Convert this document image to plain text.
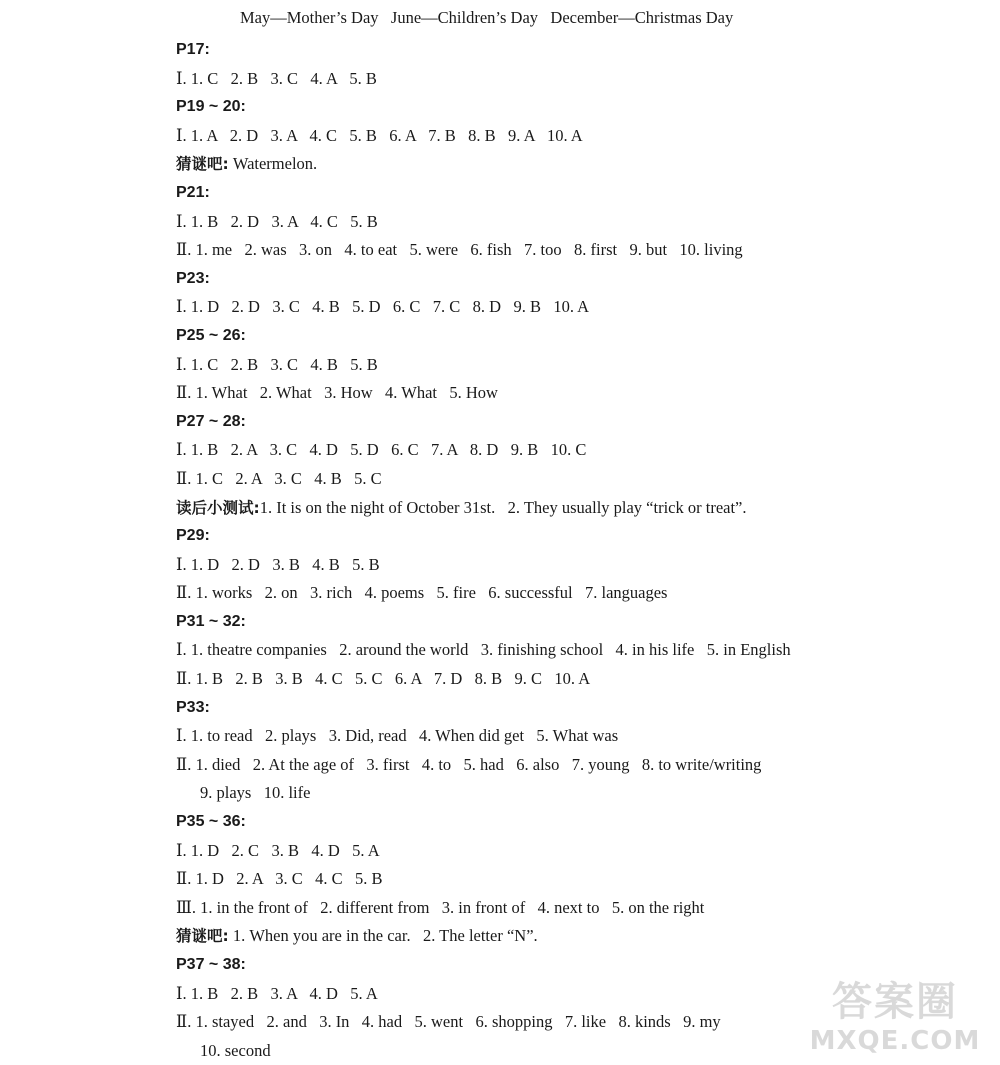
May—Mother’s Day   June—Children’s Day   December—Christmas Day
P17:
Ⅰ. 1. C   2. B   3. C   4. A   5. B
P19 ~ 20:
Ⅰ. 1. A   2. D   3. A   4. C   5. B   6. A   7. B   8. B   9. A   10. A
猜谜吧: Watermelon.
P21:
Ⅰ. 1. B   2. D   3. A   4. C   5. B
Ⅱ. 1. me   2. was   3. on   4. to eat   5. were   6. fish   7. too   8. first   9. but   10. living
P23:
Ⅰ. 1. D   2. D   3. C   4. B   5. D   6. C   7. C   8. D   9. B   10. A
P25 ~ 26:
Ⅰ. 1. C   2. B   3. C   4. B   5. B
Ⅱ. 1. What   2. What   3. How   4. What   5. How
P27 ~ 28:
Ⅰ. 1. B   2. A   3. C   4. D   5. D   6. C   7. A   8. D   9. B   10. C
Ⅱ. 1. C   2. A   3. C   4. B   5. C
读后小测试:1. It is on the night of October 31st.   2. They usually play “trick or treat”.
P29:
Ⅰ. 1. D   2. D   3. B   4. B   5. B
Ⅱ. 1. works   2. on   3. rich   4. poems   5. fire   6. successful   7. languages
P31 ~ 32:
Ⅰ. 1. theatre companies   2. around the world   3. finishing school   4. in his life   5. in English
Ⅱ. 1. B   2. B   3. B   4. C   5. C   6. A   7. D   8. B   9. C   10. A
P33:
Ⅰ. 1. to read   2. plays   3. Did, read   4. When did get   5. What was
Ⅱ. 1. died   2. At the age of   3. first   4. to   5. had   6. also   7. young   8. to write/writing
9. plays   10. life
P35 ~ 36:
Ⅰ. 1. D   2. C   3. B   4. D   5. A
Ⅱ. 1. D   2. A   3. C   4. C   5. B
Ⅲ. 1. in the front of   2. different from   3. in front of   4. next to   5. on the right
猜谜吧: 1. When you are in the car.   2. The letter “N”.
P37 ~ 38:
Ⅰ. 1. B   2. B   3. A   4. D   5. A
Ⅱ. 1. stayed   2. and   3. In   4. had   5. went   6. shopping   7. like   8. kinds   9. my
10. second
答案圈
MXQE.COM
